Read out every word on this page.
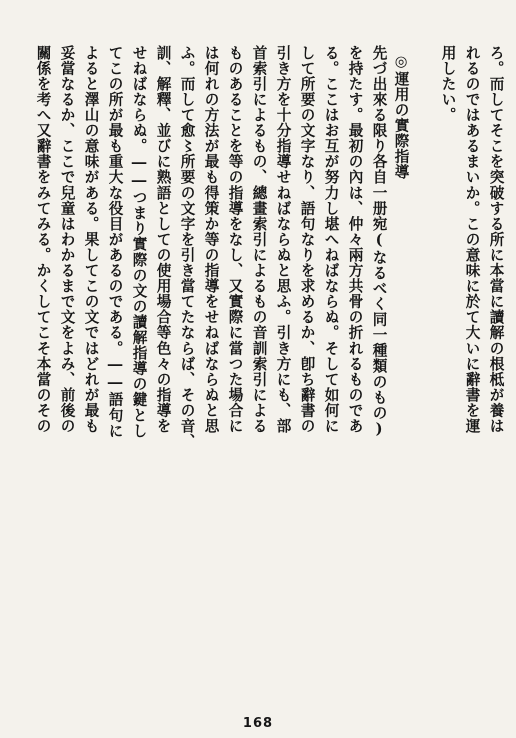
ろ。而してそこを突破する所に本當に讀解の根柢が養は
れるのではあるまいか。この意味に於て大いに辭書を運
用したい。
◎運用の實際指導
先づ出來る限り各自一册宛(なるべく同一種類のもの)
を持たす。最初の內は、仲々兩方共骨の折れるものであ
る。ここはお互が努力し堪へねばならぬ。そして如何に
して所要の文字なり、語句なりを求めるか、卽ち辭書の
引き方を十分指導せねばならぬと思ふ。引き方にも、部
首索引によるもの、總畫索引によるもの音訓索引による
ものあることを等の指導をなし、又實際に當つた場合に
は何れの方法が最も得策か等の指導をせねばならぬと思
ふ。而して愈〻所要の文字を引き當てたならば、その音、
訓、解釋、並びに熟語としての使用場合等色々の指導を
せねばならぬ。――つまり實際の文の讀解指導の鍵とし
てこの所が最も重大な役目があるのである。――語句に
よると澤山の意味がある。果してこの文ではどれが最も
妥當なるか、ここで兒童はわかるまで文をよみ、前後の
關係を考へ又辭書をみてみる。かくしてこそ本當のその
168
